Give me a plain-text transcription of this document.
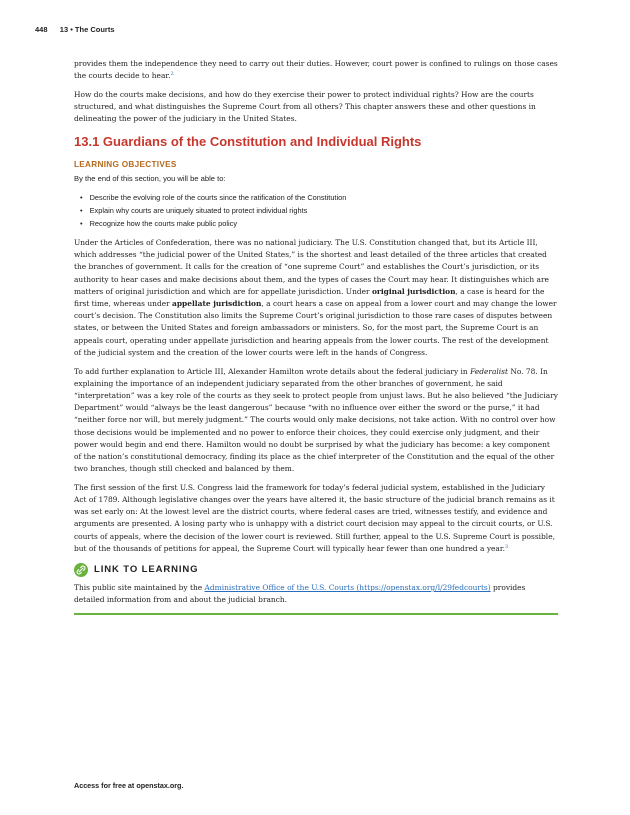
448 13 • The Courts

provides them the independence they need to carry out their duties. However, court power is confined to rulings on those cases the courts decide to hear.$^2$

How do the courts make decisions, and how do they exercise their power to protect individual rights? How are the courts structured, and what distinguishes the Supreme Court from all others? This chapter answers these and other questions in delineating the power of the judiciary in the United States.

13.1 Guardians of the Constitution and Individual Rights
LEARNING OBJECTIVES

By the end of this section, you will be able to:

• Describe the evolving role of the courts since the ratification of the Constitution
• Explain why courts are uniquely situated to protect individual rights
• Recognize how the courts make public policy

Under the Articles of Confederation, there was no national judiciary. The U.S. Constitution changed that, but its Article III, which addresses “the judicial power of the United States,” is the shortest and least detailed of the three articles that created the branches of government. It calls for the creation of “one supreme Court” and establishes the Court’s jurisdiction, or its authority to hear cases and make decisions about them, and the types of cases the Court may hear. It distinguishes which are matters of original jurisdiction and which are for appellate jurisdiction. Under original jurisdiction, a case is heard for the first time, whereas under appellate jurisdiction, a court hears a case on appeal from a lower court and may change the lower court’s decision. The Constitution also limits the Supreme Court’s original jurisdiction to those rare cases of disputes between states, or between the United States and foreign ambassadors or ministers. So, for the most part, the Supreme Court is an appeals court, operating under appellate jurisdiction and hearing appeals from the lower courts. The rest of the development of the judicial system and the creation of the lower courts were left in the hands of Congress.

To add further explanation to Article III, Alexander Hamilton wrote details about the federal judiciary in Federalist No. 78. In explaining the importance of an independent judiciary separated from the other branches of government, he said “interpretation” was a key role of the courts as they seek to protect people from unjust laws. But he also believed “the Judiciary Department” would “always be the least dangerous” because “with no influence over either the sword or the purse,” it had “neither force nor will, but merely judgment.” The courts would only make decisions, not take action. With no control over how those decisions would be implemented and no power to enforce their choices, they could exercise only judgment, and their power would begin and end there. Hamilton would no doubt be surprised by what the judiciary has become: a key component of the nation’s constitutional democracy, finding its place as the chief interpreter of the Constitution and the equal of the other two branches, though still checked and balanced by them.

The first session of the first U.S. Congress laid the framework for today’s federal judicial system, established in the Judiciary Act of 1789. Although legislative changes over the years have altered it, the basic structure of the judicial branch remains as it was set early on: At the lowest level are the district courts, where federal cases are tried, witnesses testify, and evidence and arguments are presented. A losing party who is unhappy with a district court decision may appeal to the circuit courts, or U.S. courts of appeals, where the decision of the lower court is reviewed. Still further, appeal to the U.S. Supreme Court is possible, but of the thousands of petitions for appeal, the Supreme Court will typically hear fewer than one hundred a year.$^3$

LINK TO LEARNING

This public site maintained by the Administrative Office of the U.S. Courts (https://openstax.org/l/29fedcourts) provides detailed information from and about the judicial branch.

Access for free at openstax.org.
